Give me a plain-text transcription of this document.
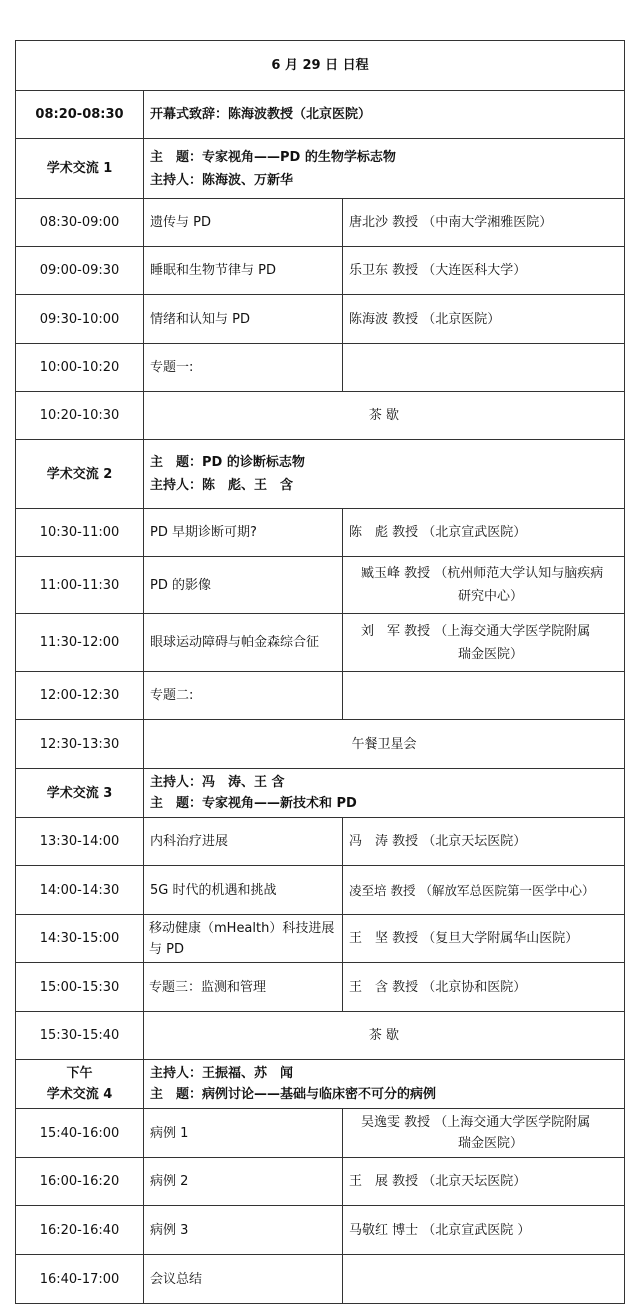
6 月 29 日 日程		
08:20-08:30	开幕式致辞：陈海波教授（北京医院）	
学术交流 1	主　题：专家视角——PD 的生物学标志物
主持人：陈海波、万新华	

08:30-09:00	遗传与 PD	唐北沙 教授 （中南大学湘雅医院）
09:00-09:30	睡眠和生物节律与 PD	乐卫东 教授 （大连医科大学）
09:30-10:00	情绪和认知与 PD	陈海波 教授 （北京医院）
10:00-10:20	专题一:	
10:20-10:30	茶 歇	
学术交流 2	主　题：PD 的诊断标志物
主持人：陈　彪、王　含	

10:30-11:00	PD 早期诊断可期?	陈　彪 教授 （北京宣武医院）
11:00-11:30	PD 的影像	臧玉峰 教授 （杭州师范大学认知与脑疾病
研究中心）

11:30-12:00	眼球运动障碍与帕金森综合征	刘　军 教授 （上海交通大学医学院附属
瑞金医院）

12:00-12:30	专题二:	
12:30-13:30	午餐卫星会	
学术交流 3	主持人：冯　涛、王 含
主　题：专家视角——新技术和 PD	

13:30-14:00	内科治疗进展	冯　涛 教授 （北京天坛医院）
14:00-14:30	5G 时代的机遇和挑战	凌至培 教授 （解放军总医院第一医学中心）
14:30-15:00	移动健康（mHealth）科技进展与 PD	王　坚 教授 （复旦大学附属华山医院）
15:00-15:30	专题三：监测和管理	王　含 教授 （北京协和医院）
15:30-15:40	茶 歇	

下午
学术交流 4	主持人：王振福、苏　闻
主　题：病例讨论——基础与临床密不可分的病例	

15:40-16:00	病例 1	吴逸雯 教授 （上海交通大学医学院附属
瑞金医院）

16:00-16:20	病例 2	王　展 教授 （北京天坛医院）
16:20-16:40	病例 3	马敬红 博士 （北京宣武医院 ）
16:40-17:00	会议总结	
